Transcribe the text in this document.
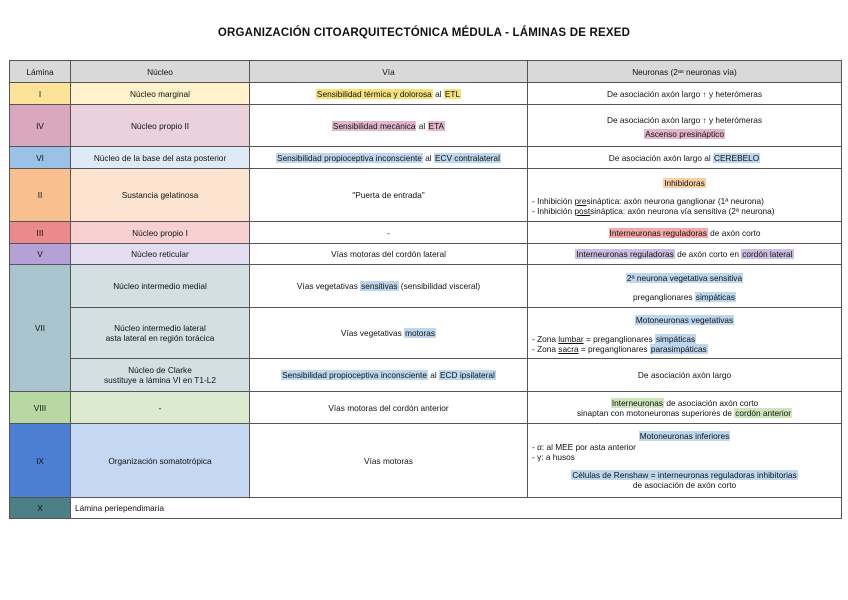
ORGANIZACIÓN CITOARQUITECTÓNICA MÉDULA - LÁMINAS DE REXED
Lámina	Núcleo	Vía	Neuronas (2ᵃˢ neuronas vía)
I	Núcleo marginal	Sensibilidad térmica y dolorosa al ETL	De asociación axón largo ↑ y heterómeras
IV	Núcleo propio II	Sensibilidad mecánica al ETA	De asociación axón largo ↑ y heterómeras
Ascenso presináptico
VI	Núcleo de la base del asta posterior	Sensibilidad propioceptiva inconsciente al ECV contralateral	De asociación axón largo al CEREBELO
II	Sustancia gelatinosa	"Puerta de entrada"	Inhibidoras
- Inhibición presináptica: axón neurona ganglionar (1ª neurona)
- Inhibición postsináptica: axón neurona vía sensitiva (2ª neurona)

III	Núcleo propio I	-	Interneuronas reguladoras de axón corto
V	Núcleo reticular	Vías motoras del cordón lateral	Interneuronas reguladoras de axón corto en cordón lateral
VII	Núcleo intermedio medial	Vías vegetativas sensitivas (sensibilidad visceral)	2ª neurona vegetativa sensitiva
preganglionares simpáticas

	Núcleo intermedio lateral
asta lateral en región torácica	Vías vegetativas motoras	Motoneuronas vegetativas
- Zona lumbar = preganglionares simpáticas
- Zona sacra = preganglionares parasimpáticas

	Núcleo de Clarke
sustituye a lámina VI en T1-L2	Sensibilidad propioceptiva inconsciente al ECD ipsilateral	De asociación axón largo
VIII	-	Vías motoras del cordón anterior	Interneuronas de asociación axón corto
sinaptan con motoneuronas superiores de cordón anterior

IX	Organización somatotrópica	Vías motoras	Motoneuronas inferiores
- α: al MEE por asta anterior
- γ: a husos
Células de Renshaw = interneuronas reguladoras inhibitorias
de asociación de axón corto

X	Lámina periependimaria		
